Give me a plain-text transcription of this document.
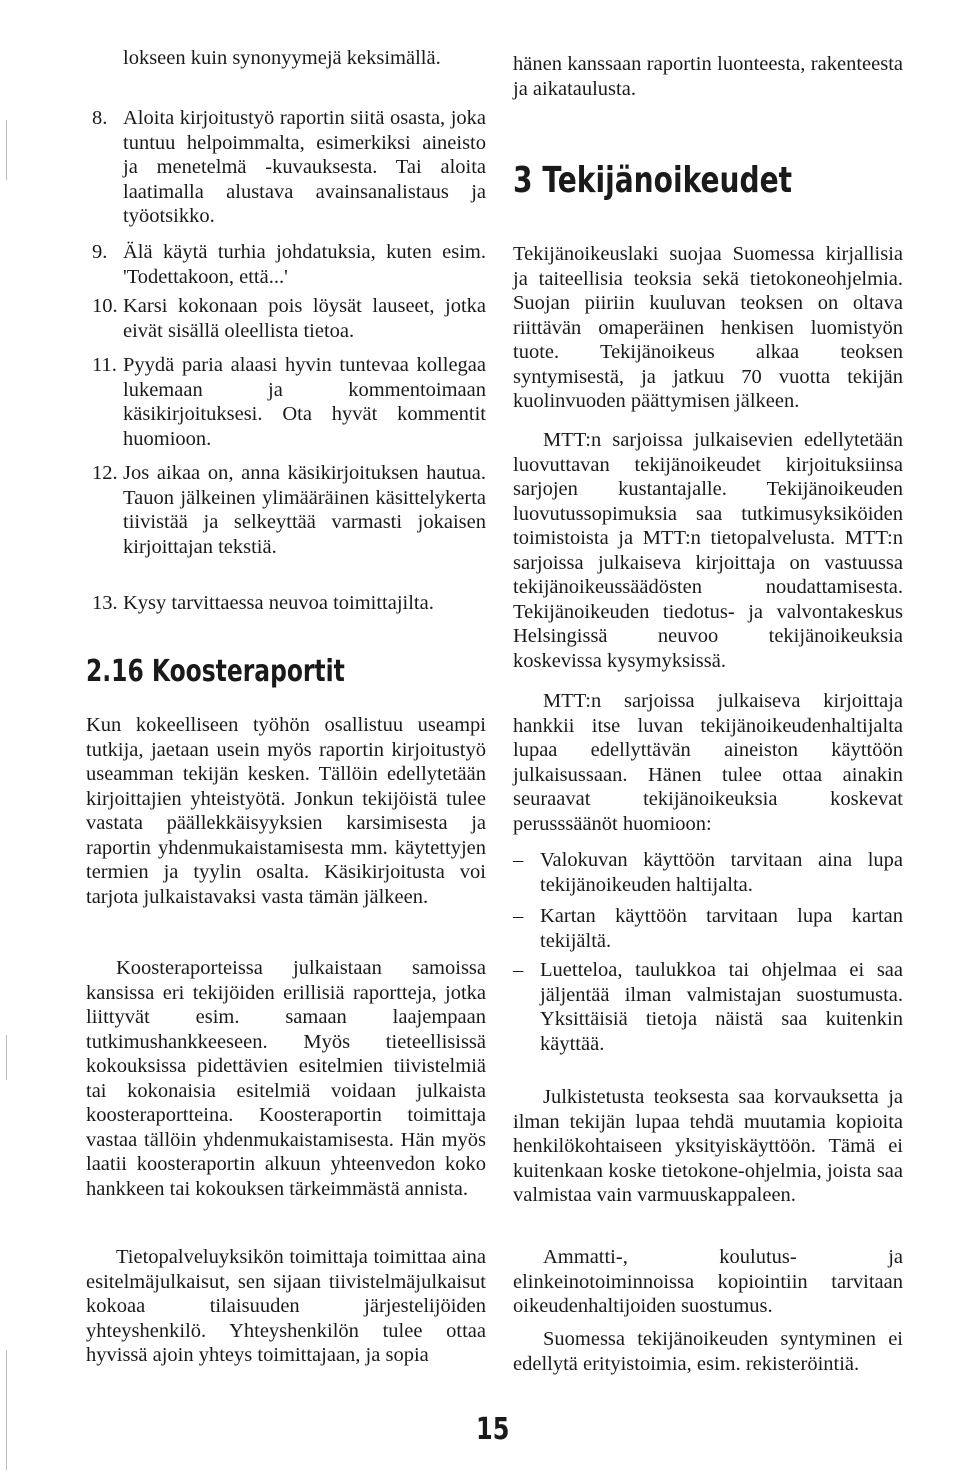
lokseen kuin synonyymejä keksimällä.

8. Aloita kirjoitustyö raportin siitä osasta, joka tuntuu helpoimmalta, esimerkiksi aineisto ja menetelmä -kuvauksesta. Tai aloita laatimalla alustava avainsanalistaus ja työotsikko.

9. Älä käytä turhia johdatuksia, kuten esim. 'Todettakoon, että...'

10. Karsi kokonaan pois löysät lauseet, jotka eivät sisällä oleellista tietoa.

11. Pyydä paria alaasi hyvin tuntevaa kollegaa lukemaan ja kommentoimaan käsikirjoituksesi. Ota hyvät kommentit huomioon.

12. Jos aikaa on, anna käsikirjoituksen hautua. Tauon jälkeinen ylimääräinen käsittelykerta tiivistää ja selkeyttää varmasti jokaisen kirjoittajan tekstiä.

13. Kysy tarvittaessa neuvoa toimittajilta.

2.16 Koosteraportit

Kun kokeelliseen työhön osallistuu useampi tutkija, jaetaan usein myös raportin kirjoitustyö useamman tekijän kesken. Tällöin edellytetään kirjoittajien yhteistyötä. Jonkun tekijöistä tulee vastata päällekkäisyyksien karsimisesta ja raportin yhdenmukaistamisesta mm. käytettyjen termien ja tyylin osalta. Käsikirjoitusta voi tarjota julkaistavaksi vasta tämän jälkeen.

Koosteraporteissa julkaistaan samoissa kansissa eri tekijöiden erillisiä raportteja, jotka liittyvät esim. samaan laajempaan tutkimushankkeeseen. Myös tieteellisissä kokouksissa pidettävien esitelmien tiivistelmiä tai kokonaisia esitelmiä voidaan julkaista koosteraportteina. Koosteraportin toimittaja vastaa tällöin yhdenmukaistamisesta. Hän myös laatii koosteraportin alkuun yhteenvedon koko hankkeen tai kokouksen tärkeimmästä annista.

Tietopalveluyksikön toimittaja toimittaa aina esitelmäjulkaisut, sen sijaan tiivistelmäjulkaisut kokoaa tilaisuuden järjestelijöiden yhteyshenkilö. Yhteyshenkilön tulee ottaa hyvissä ajoin yhteys toimittajaan, ja sopia

hänen kanssaan raportin luonteesta, rakenteesta ja aikataulusta.

3 Tekijänoikeudet

Tekijänoikeuslaki suojaa Suomessa kirjallisia ja taiteellisia teoksia sekä tietokoneohjelmia. Suojan piiriin kuuluvan teoksen on oltava riittävän omaperäinen henkisen luomistyön tuote. Tekijänoikeus alkaa teoksen syntymisestä, ja jatkuu 70 vuotta tekijän kuolinvuoden päättymisen jälkeen.

MTT:n sarjoissa julkaisevien edellytetään luovuttavan tekijänoikeudet kirjoituksiinsa sarjojen kustantajalle. Tekijänoikeuden luovutussopimuksia saa tutkimusyksiköiden toimistoista ja MTT:n tietopalvelusta. MTT:n sarjoissa julkaiseva kirjoittaja on vastuussa tekijänoikeussäädösten noudattamisesta. Tekijänoikeuden tiedotus- ja valvontakeskus Helsingissä neuvoo tekijänoikeuksia koskevissa kysymyksissä.

MTT:n sarjoissa julkaiseva kirjoittaja hankkii itse luvan tekijänoikeudenhaltijalta lupaa edellyttävän aineiston käyttöön julkaisussaan. Hänen tulee ottaa ainakin seuraavat tekijänoikeuksia koskevat perusssäänöt huomioon:

– Valokuvan käyttöön tarvitaan aina lupa tekijänoikeuden haltijalta.

– Kartan käyttöön tarvitaan lupa kartan tekijältä.

– Luetteloa, taulukkoa tai ohjelmaa ei saa jäljentää ilman valmistajan suostumusta. Yksittäisiä tietoja näistä saa kuitenkin käyttää.

Julkistetusta teoksesta saa korvauksetta ja ilman tekijän lupaa tehdä muutamia kopioita henkilökohtaiseen yksityiskäyttöön. Tämä ei kuitenkaan koske tietokone-ohjelmia, joista saa valmistaa vain varmuuskappaleen.

Ammatti-, koulutus- ja elinkeinotoiminnoissa kopiointiin tarvitaan oikeudenhaltijoiden suostumus.

Suomessa tekijänoikeuden syntyminen ei edellytä erityistoimia, esim. rekisteröintiä.

15
